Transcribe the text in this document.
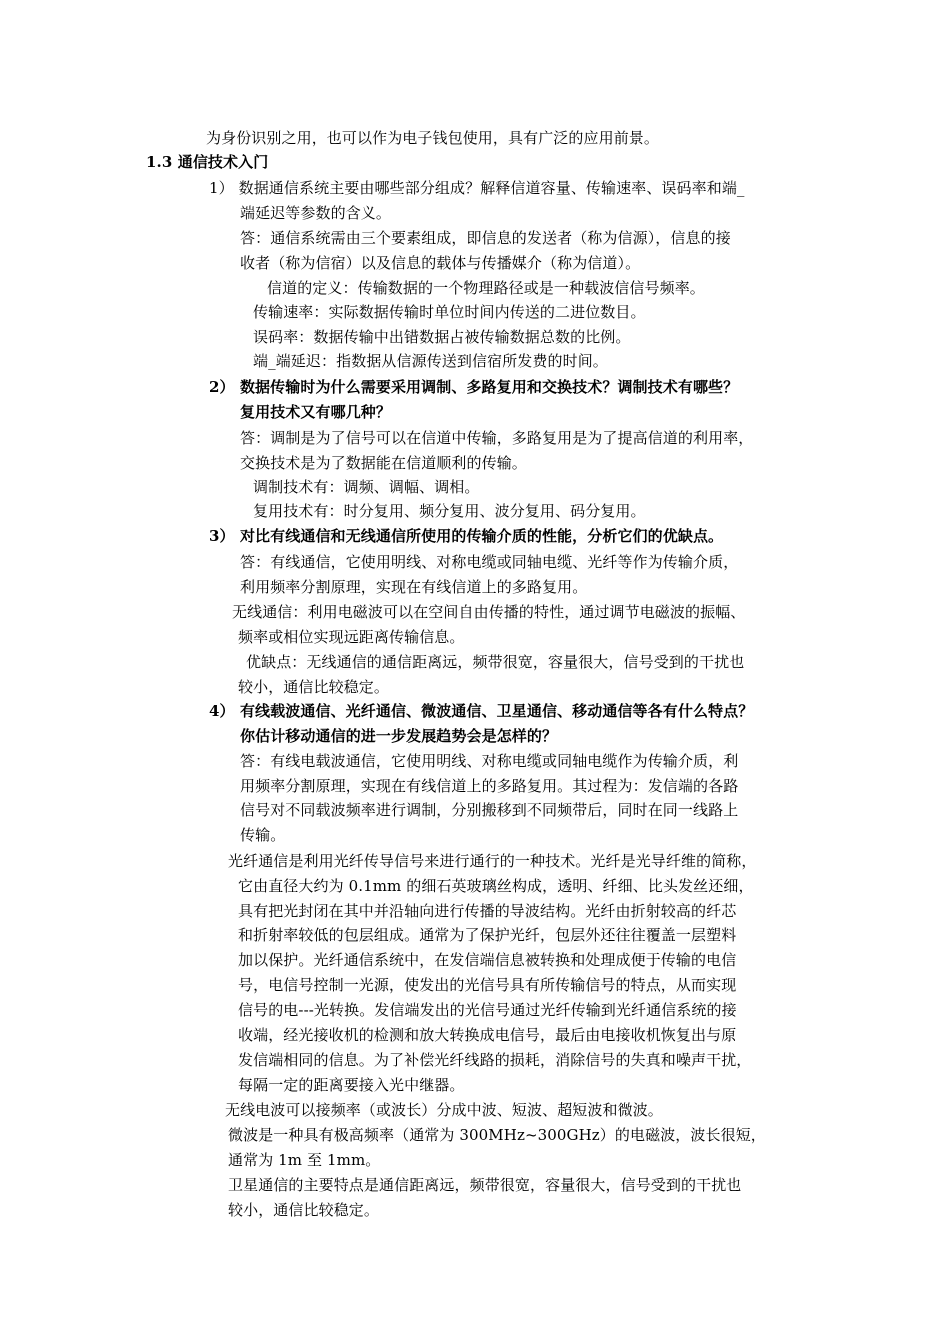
为身份识别之用，也可以作为电子钱包使用，具有广泛的应用前景。
1.3 通信技术入门
1） 数据通信系统主要由哪些部分组成？解释信道容量、传输速率、误码率和端_
端延迟等参数的含义。
答：通信系统需由三个要素组成，即信息的发送者（称为信源），信息的接
收者（称为信宿）以及信息的载体与传播媒介（称为信道）。
信道的定义：传输数据的一个物理路径或是一种载波信信号频率。
传输速率：实际数据传输时单位时间内传送的二进位数目。
误码率：数据传输中出错数据占被传输数据总数的比例。
端_端延迟：指数据从信源传送到信宿所发费的时间。
2） 数据传输时为什么需要采用调制、多路复用和交换技术？调制技术有哪些？
复用技术又有哪几种？
答：调制是为了信号可以在信道中传输，多路复用是为了提高信道的利用率，
交换技术是为了数据能在信道顺利的传输。
调制技术有：调频、调幅、调相。
复用技术有：时分复用、频分复用、波分复用、码分复用。
3） 对比有线通信和无线通信所使用的传输介质的性能，分析它们的优缺点。
答：有线通信，它使用明线、对称电缆或同轴电缆、光纤等作为传输介质，
利用频率分割原理，实现在有线信道上的多路复用。
无线通信：利用电磁波可以在空间自由传播的特性，通过调节电磁波的振幅、
频率或相位实现远距离传输信息。
优缺点：无线通信的通信距离远，频带很宽，容量很大，信号受到的干扰也
较小，通信比较稳定。
4） 有线载波通信、光纤通信、微波通信、卫星通信、移动通信等各有什么特点？
你估计移动通信的进一步发展趋势会是怎样的？
答：有线电载波通信，它使用明线、对称电缆或同轴电缆作为传输介质，利
用频率分割原理，实现在有线信道上的多路复用。其过程为：发信端的各路
信号对不同载波频率进行调制，分别搬移到不同频带后，同时在同一线路上
传输。
光纤通信是利用光纤传导信号来进行通行的一种技术。光纤是光导纤维的简称，
它由直径大约为 0.1mm 的细石英玻璃丝构成，透明、纤细、比头发丝还细，
具有把光封闭在其中并沿轴向进行传播的导波结构。光纤由折射较高的纤芯
和折射率较低的包层组成。通常为了保护光纤，包层外还往往覆盖一层塑料
加以保护。光纤通信系统中，在发信端信息被转换和处理成便于传输的电信
号，电信号控制一光源，使发出的光信号具有所传输信号的特点，从而实现
信号的电---光转换。发信端发出的光信号通过光纤传输到光纤通信系统的接
收端，经光接收机的检测和放大转换成电信号，最后由电接收机恢复出与原
发信端相同的信息。为了补偿光纤线路的损耗，消除信号的失真和噪声干扰，
每隔一定的距离要接入光中继器。
无线电波可以接频率（或波长）分成中波、短波、超短波和微波。
微波是一种具有极高频率（通常为 300MHz~300GHz）的电磁波，波长很短，
通常为 1m 至 1mm。
卫星通信的主要特点是通信距离远，频带很宽，容量很大，信号受到的干扰也
较小，通信比较稳定。
